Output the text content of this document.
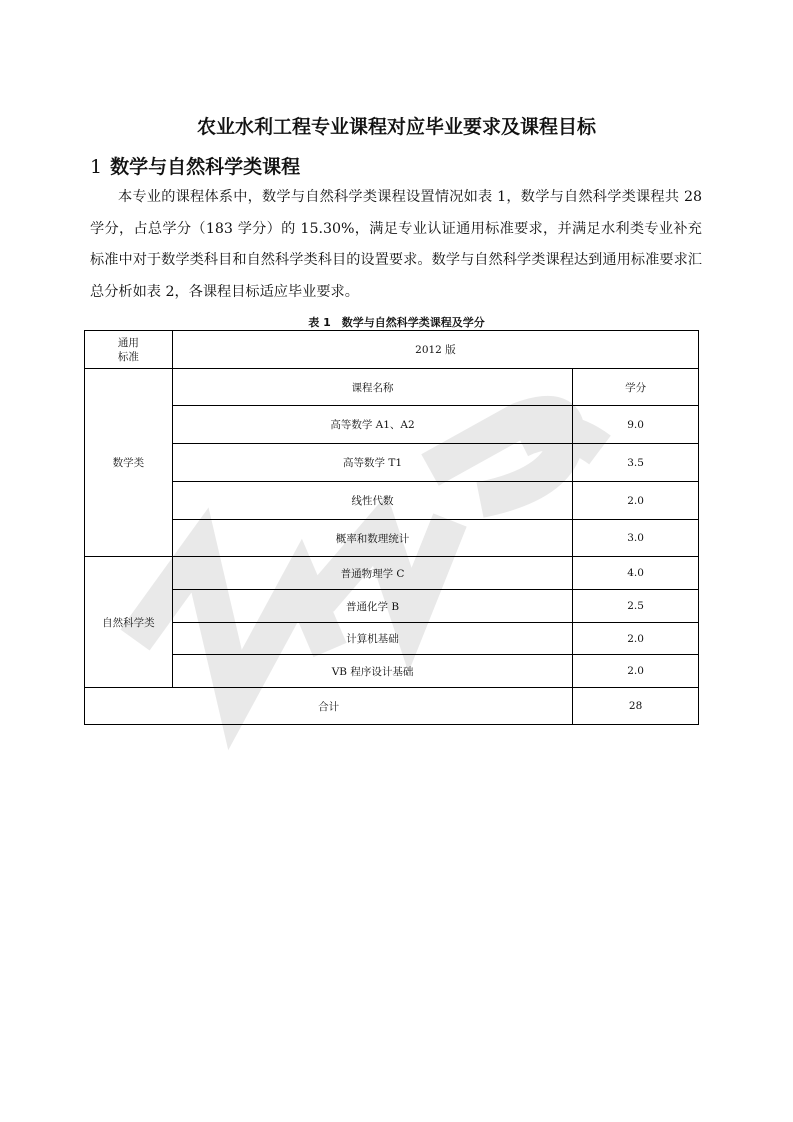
农业水利工程专业课程对应毕业要求及课程目标
1 数学与自然科学类课程
本专业的课程体系中，数学与自然科学类课程设置情况如表 1，数学与自然科学类课程共 28 学分，占总学分（183 学分）的 15.30%，满足专业认证通用标准要求，并满足水利类专业补充标准中对于数学类科目和自然科学类科目的设置要求。数学与自然科学类课程达到通用标准要求汇总分析如表 2，各课程目标适应毕业要求。
表 1　数学与自然科学类课程及学分
通用
标准	2012 版	
数学类	课程名称	学分
	高等数学 A1、A2	9.0
	高等数学 T1	3.5
	线性代数	2.0
	概率和数理统计	3.0
自然科学类	普通物理学 C	4.0
	普通化学 B	2.5
	计算机基础	2.0
	VB 程序设计基础	2.0
合计		28
